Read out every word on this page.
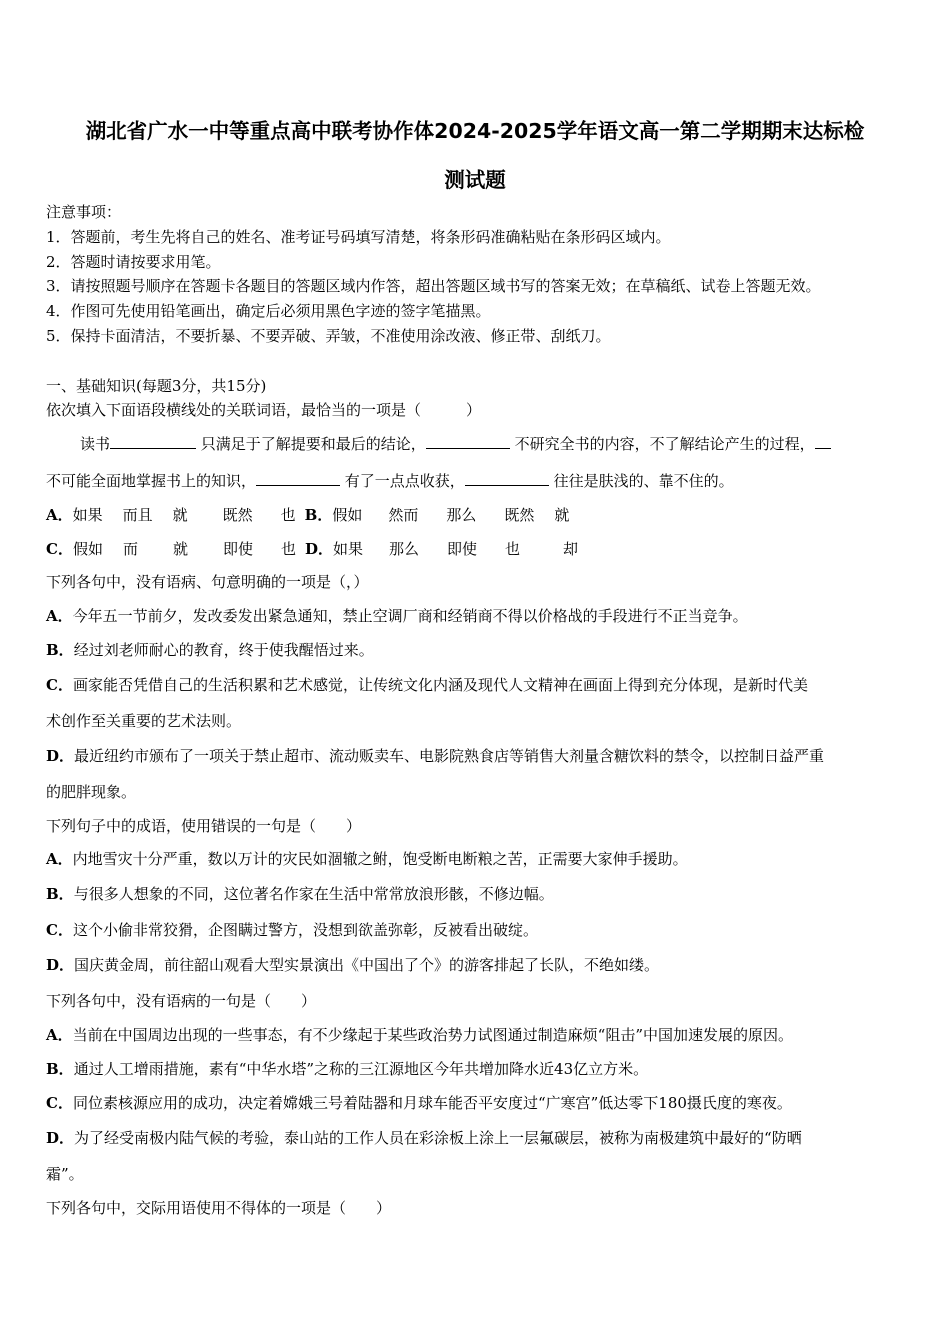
湖北省广水一中等重点高中联考协作体2024-2025学年语文高一第二学期期末达标检
测试题
注意事项：
1．答题前，考生先将自己的姓名、准考证号码填写清楚，将条形码准确粘贴在条形码区域内。
2．答题时请按要求用笔。
3．请按照题号顺序在答题卡各题目的答题区域内作答，超出答题区域书写的答案无效；在草稿纸、试卷上答题无效。
4．作图可先使用铅笔画出，确定后必须用黑色字迹的签字笔描黑。
5．保持卡面清洁，不要折暴、不要弄破、弄皱，不准使用涂改液、修正带、刮纸刀。
一、基础知识(每题3分，共15分)
依次填入下面语段横线处的关联词语，最恰当的一项是（　　　）
读书	只满足于了解提要和最后的结论，	不研究全书的内容，不了解结论产生的过程，
不可能全面地掌握书上的知识，	有了一点点收获，	往往是肤浅的、靠不住的。
A．如果 而且 就 既然 也 B．假如 然而 那么 既然 就
C．假如 而 就 即使 也 D．如果 那么 即使 也	却
下列各句中，没有语病、句意明确的一项是（，）
A．今年五一节前夕，发改委发出紧急通知，禁止空调厂商和经销商不得以价格战的手段进行不正当竞争。
B．经过刘老师耐心的教育，终于使我醒悟过来。
C．画家能否凭借自己的生活积累和艺术感觉，让传统文化内涵及现代人文精神在画面上得到充分体现，是新时代美
术创作至关重要的艺术法则。
D．最近纽约市颁布了一项关于禁止超市、流动贩卖车、电影院熟食店等销售大剂量含糖饮料的禁令，以控制日益严重
的肥胖现象。
下列句子中的成语，使用错误的一句是（　　）
A．内地雪灾十分严重，数以万计的灾民如涸辙之鲋，饱受断电断粮之苦，正需要大家伸手援助。
B．与很多人想象的不同，这位著名作家在生活中常常放浪形骸，不修边幅。
C．这个小偷非常狡猾，企图瞒过警方，没想到欲盖弥彰，反被看出破绽。
D．国庆黄金周，前往韶山观看大型实景演出《中国出了个》的游客排起了长队，不绝如缕。
下列各句中，没有语病的一句是（　　）
A．当前在中国周边出现的一些事态，有不少缘起于某些政治势力试图通过制造麻烦“阻击”中国加速发展的原因。
B．通过人工增雨措施，素有“中华水塔”之称的三江源地区今年共增加降水近43亿立方米。
C．同位素核源应用的成功，决定着嫦娥三号着陆器和月球车能否平安度过“广寒宫”低达零下180摄氏度的寒夜。
D．为了经受南极内陆气候的考验，泰山站的工作人员在彩涂板上涂上一层氟碳层，被称为南极建筑中最好的“防晒
霜”。
下列各句中，交际用语使用不得体的一项是（　　）
